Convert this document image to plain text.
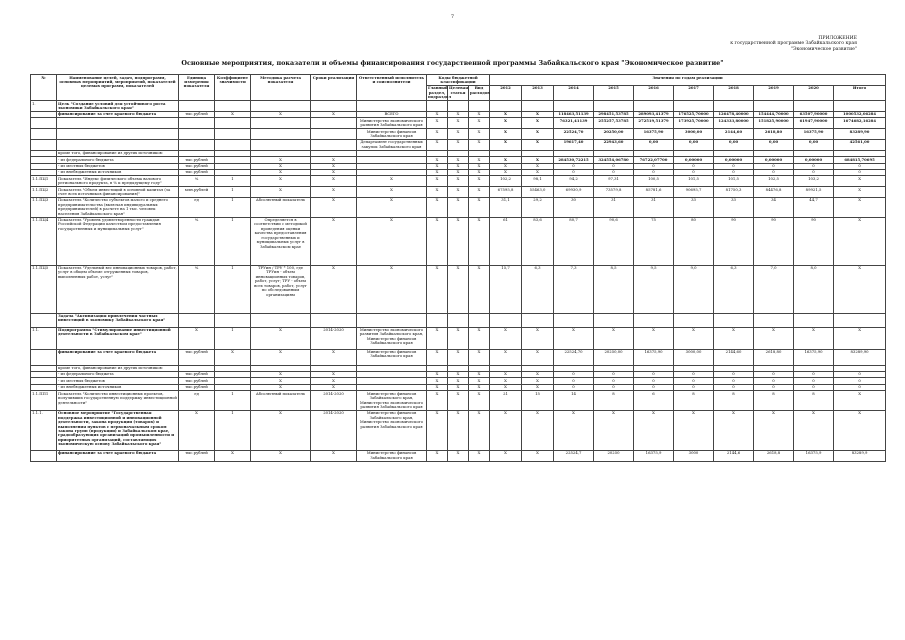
7
ПРИЛОЖЕНИЕ
к государственной программе Забайкальского края
"Экономическое развитие"
Основные мероприятия, показатели и объемы финансирования государственной программы Забайкальского края "Экономическое развитие"
№	Наименование целей, задач, подпрограмм, основных мероприятий, мероприятий, показателей целевых программ, показателей	Единица измерения показателя	Коэффициент значимости	Методика расчета показателя	Сроки реализации	Ответственный исполнитель и соисполнители	Коды бюджетной классификации			Значения по годам реализации									
							Главный раздел, подраздел	Целевая статья	Вид расходов	2012	2013	2014	2015	2016	2017	2018	2019	2020	Итого
1.	Цель "Создание условий для устойчивого роста экономики Забайкальского края"																		
	финансирование за счет краевого бюджета	тыс.рублей	Х	Х	Х	ВСЕГО	Х	Х	Х	Х	Х	118463,51139	298451,53785	289093,41379	176525,70000	126478,40000	154444,70000	63507,90000	1000532,06284
						Министерство экономического развития Забайкальского края	Х	Х	Х	Х	Х	76321,41139	255257,53785	272519,51379	173925,70000	124333,80000	151825,90000	61947,90000	1674682,16284
						Министерство финансов Забайкальского края	Х	Х	Х	Х	Х	22524,70	20250,00	16375,90	3000,00	2144,60	2618,80	16375,90	83289,90
						Департамент государственных закупок Забайкальского края	Х	Х	Х	Х	Х	19617,40	22943,60	0,00	0,00	0,00	0,00	0,00	42561,00
	кроме того, финансирование из других источников:																		
	- из федерального бюджета	тыс.рублей		Х	Х		Х	Х	Х	Х	Х	284530,72215	324554,06780	76722,07700	0,00000	0,00000	0,00000	0,00000	684815,70695
	- из местных бюджетов	тыс.рублей		Х	Х		Х	Х	Х	Х	Х	0	0	0	0	0	0	0	0
	- из внебюджетных источников	тыс.рублей		Х	Х		Х	Х	Х	Х	Х	0	0	0	0	0	0	0	0
1.1.ПЦ1	Показатель "Индекс физического объема валового регионального продукта, в % к предыдущему году"	%	1	Х	Х	Х	Х	Х	Х	102,2	98,1	94,2	97,31	100,5	101,5	101,5	102,5	103,2	Х
1.1.ПЦ2	Показатель "Объем инвестиций в основной капитал (за счет всех источников финансирования)"	млн.рублей	1	Х	Х	Х	Х	Х	Х	67595,8	55463,0	69930,9	73579,8	85781,6	90695,7	81750,3	84476,8	89921,5	Х
1.1.ПЦ3	Показатель "Количество субъектов малого и среднего предпринимательства (включая индивидуальных предпринимателей) в расчете на 1 тыс. человек населения Забайкальского края"	ед	1	Абсолютный показатель	Х	Х	Х	Х	Х	31,1	29,2	30	31	31	33	33	34	44,7	Х
1.1.ПЦ4	Показатель "Уровень удовлетворенности граждан Российской Федерации качеством предоставления государственных и муниципальных услуг"	%	1	Определяется в соответствии с методикой проведения оценки качества предоставления государственных и муниципальных услуг в Забайкальском крае	Х	Х	Х	Х	Х	61	83,6	80,7	90,6	75	80	90	90	90	Х
1.1.ПЦ5	Показатель "Удельный вес инновационных товаров, работ, услуг в общем объеме отгруженных товаров, выполненных работ, услуг"	%	1	ТРУин / ТРУ * 100, где ТРУин - объем инновационных товаров, работ, услуг; ТРУ - объем всех товаров, работ, услуг по обследованным организациям	Х	Х	Х	Х	Х	15,7	6,3	7,3	8,5	9,5	9,0	6,3	7,0	8,0	Х
	Задача "Активизация привлечения частных инвестиций в экономику Забайкальского края"																		
1.1.	Подпрограмма "Стимулирование инвестиционной деятельности в Забайкальском крае"	Х	1	Х	2014-2020	Министерство экономического развития Забайкальского края, Министерство финансов Забайкальского края	Х	Х	Х	Х	Х	Х	Х	Х	Х	Х	Х	Х	Х
	финансирование за счет краевого бюджета	тыс.рублей	Х	Х	Х	Министерство финансов Забайкальского края	Х	Х	Х	Х	Х	22524,70	20250,00	16375,90	3000,00	2144,60	2618,80	16375,90	83289,90
	кроме того, финансирование из других источников:																		
	- из федерального бюджета	тыс.рублей		Х	Х		Х	Х	Х	Х	Х	0	0	0	0	0	0	0	0
	- из местных бюджетов	тыс.рублей		Х	Х		Х	Х	Х	Х	Х	0	0	0	0	0	0	0	0
	- из внебюджетных источников	тыс.рублей		Х	Х		Х	Х	Х	Х	Х	0	0	0	0	0	0	0	0
1.1.ПП1	Показатель "Количество инвестиционных проектов, получивших государственную поддержку инвестиционной деятельности"	ед	1	Абсолютный показатель	2014-2020	Министерство финансов Забайкальского края, Министерство экономического развития Забайкальского края	Х	Х	Х	21	15	14	8	6	8	8	8	8	Х
1.1.1.	Основное мероприятие "Государственная поддержка инвестиционной и инновационной деятельности, закона продукции (товаров) и выполнения пунктов с первоначальным сроком закона групп (продукции) и Забайкальском крае, градообразующих организаций промышленности и приоритетных организаций, составляющих экономическую основу Забайкальского края"	Х	1	Х	2014-2020	Министерство финансов Забайкальского края, Министерство экономического развития Забайкальского края	Х	Х	Х	Х	Х	Х	Х	Х	Х	Х	Х	Х	Х
	финансирование за счет краевого бюджета	тыс.рублей	Х	Х	Х	Министерство финансов Забайкальского края	Х	Х	Х	Х	Х	22524,7	20250	16375,9	3000	2144,6	2618,8	16375,9	83289,9
